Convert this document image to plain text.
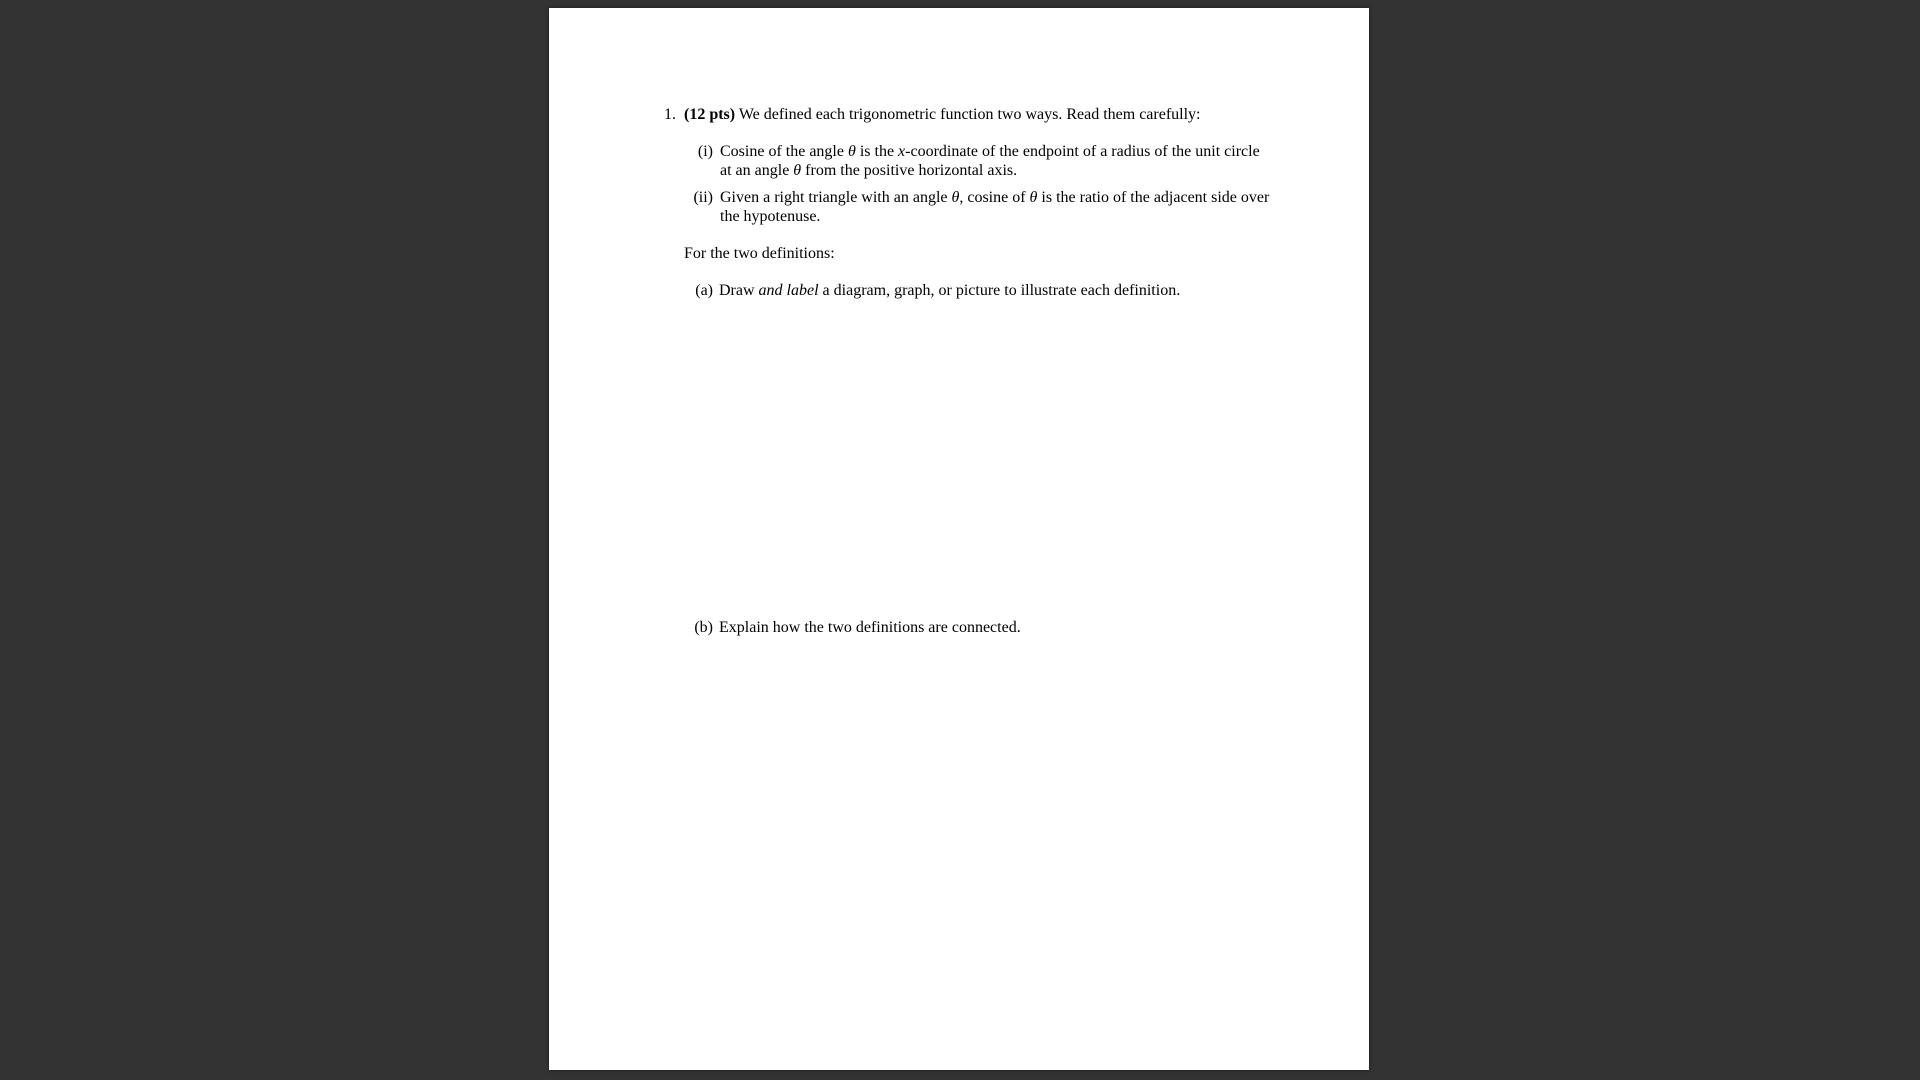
1. (12 pts) We defined each trigonometric function two ways. Read them carefully:
(i) Cosine of the angle θ is the x-coordinate of the endpoint of a radius of the unit circle
at an angle θ from the positive horizontal axis.
(ii) Given a right triangle with an angle θ, cosine of θ is the ratio of the adjacent side over
the hypotenuse.
For the two definitions:
(a) Draw and label a diagram, graph, or picture to illustrate each definition.
(b) Explain how the two definitions are connected.
